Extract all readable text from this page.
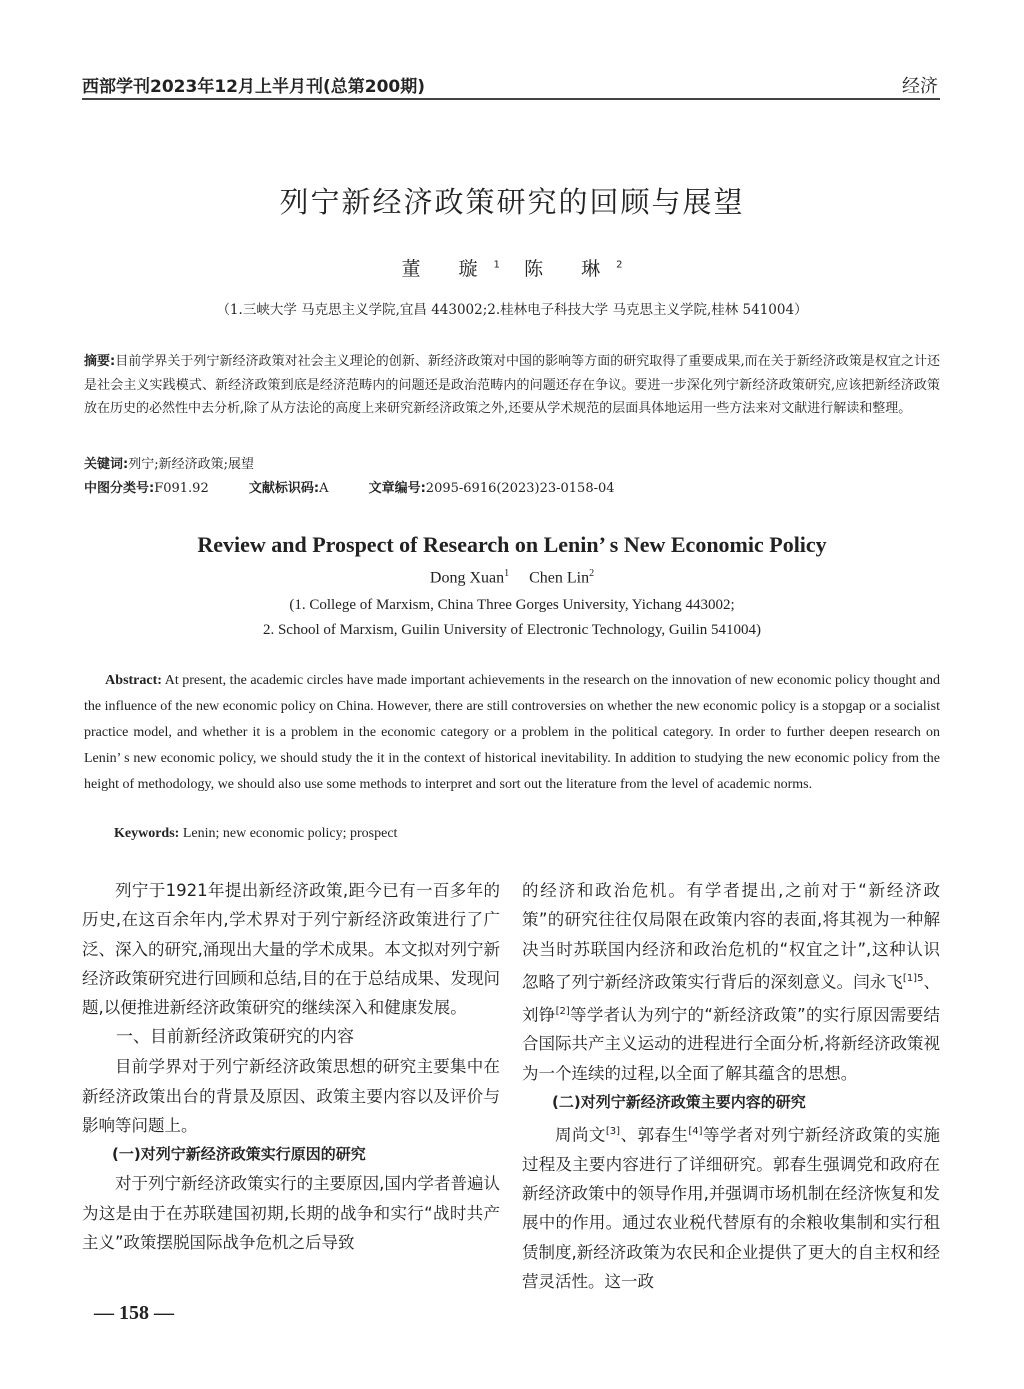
西部学刊2023年12月上半月刊(总第200期)	经济
列宁新经济政策研究的回顾与展望
董 璇$^1$ 陈 琳$^2$
（1.三峡大学 马克思主义学院,宜昌 443002;2.桂林电子科技大学 马克思主义学院,桂林 541004）
摘要:目前学界关于列宁新经济政策对社会主义理论的创新、新经济政策对中国的影响等方面的研究取得了重要成果,而在关于新经济政策是权宜之计还是社会主义实践模式、新经济政策到底是经济范畴内的问题还是政治范畴内的问题还存在争议。要进一步深化列宁新经济政策研究,应该把新经济政策放在历史的必然性中去分析,除了从方法论的高度上来研究新经济政策之外,还要从学术规范的层面具体地运用一些方法来对文献进行解读和整理。
关键词:列宁;新经济政策;展望
中图分类号:F091.92	文献标识码:A	文章编号:2095-6916(2023)23-0158-04
Review and Prospect of Research on Lenin’ s New Economic Policy
Dong Xuan$^1$ Chen Lin$^2$
(1. College of Marxism, China Three Gorges University, Yichang 443002;
2. School of Marxism, Guilin University of Electronic Technology, Guilin 541004)
Abstract: At present, the academic circles have made important achievements in the research on the innovation of new economic policy thought and the influence of the new economic policy on China. However, there are still controversies on whether the new economic policy is a stopgap or a socialist practice model, and whether it is a problem in the economic category or a problem in the political category. In order to further deepen research on Lenin’ s new economic policy, we should study the it in the context of historical inevitability. In addition to studying the new economic policy from the height of methodology, we should also use some methods to interpret and sort out the literature from the level of academic norms.
Keywords: Lenin; new economic policy; prospect

列宁于1921年提出新经济政策,距今已有一百多年的历史,在这百余年内,学术界对于列宁新经济政策进行了广泛、深入的研究,涌现出大量的学术成果。本文拟对列宁新经济政策研究进行回顾和总结,目的在于总结成果、发现问题,以便推进新经济政策研究的继续深入和健康发展。

一、目前新经济政策研究的内容

目前学界对于列宁新经济政策思想的研究主要集中在新经济政策出台的背景及原因、政策主要内容以及评价与影响等问题上。

(一)对列宁新经济政策实行原因的研究

对于列宁新经济政策实行的主要原因,国内学者普遍认为这是由于在苏联建国初期,长期的战争和实行“战时共产主义”政策摆脱国际战争危机之后导致

的经济和政治危机。有学者提出,之前对于“新经济政策”的研究往往仅局限在政策内容的表面,将其视为一种解决当时苏联国内经济和政治危机的“权宜之计”,这种认识忽略了列宁新经济政策实行背后的深刻意义。闫永飞$^{[1]5}$、刘铮[2]等学者认为列宁的“新经济政策”的实行原因需要结合国际共产主义运动的进程进行全面分析,将新经济政策视为一个连续的过程,以全面了解其蕴含的思想。

(二)对列宁新经济政策主要内容的研究

周尚文[3]、郭春生[4]等学者对列宁新经济政策的实施过程及主要内容进行了详细研究。郭春生强调党和政府在新经济政策中的领导作用,并强调市场机制在经济恢复和发展中的作用。通过农业税代替原有的余粮收集制和实行租赁制度,新经济政策为农民和企业提供了更大的自主权和经营灵活性。这一政

— 158 —
